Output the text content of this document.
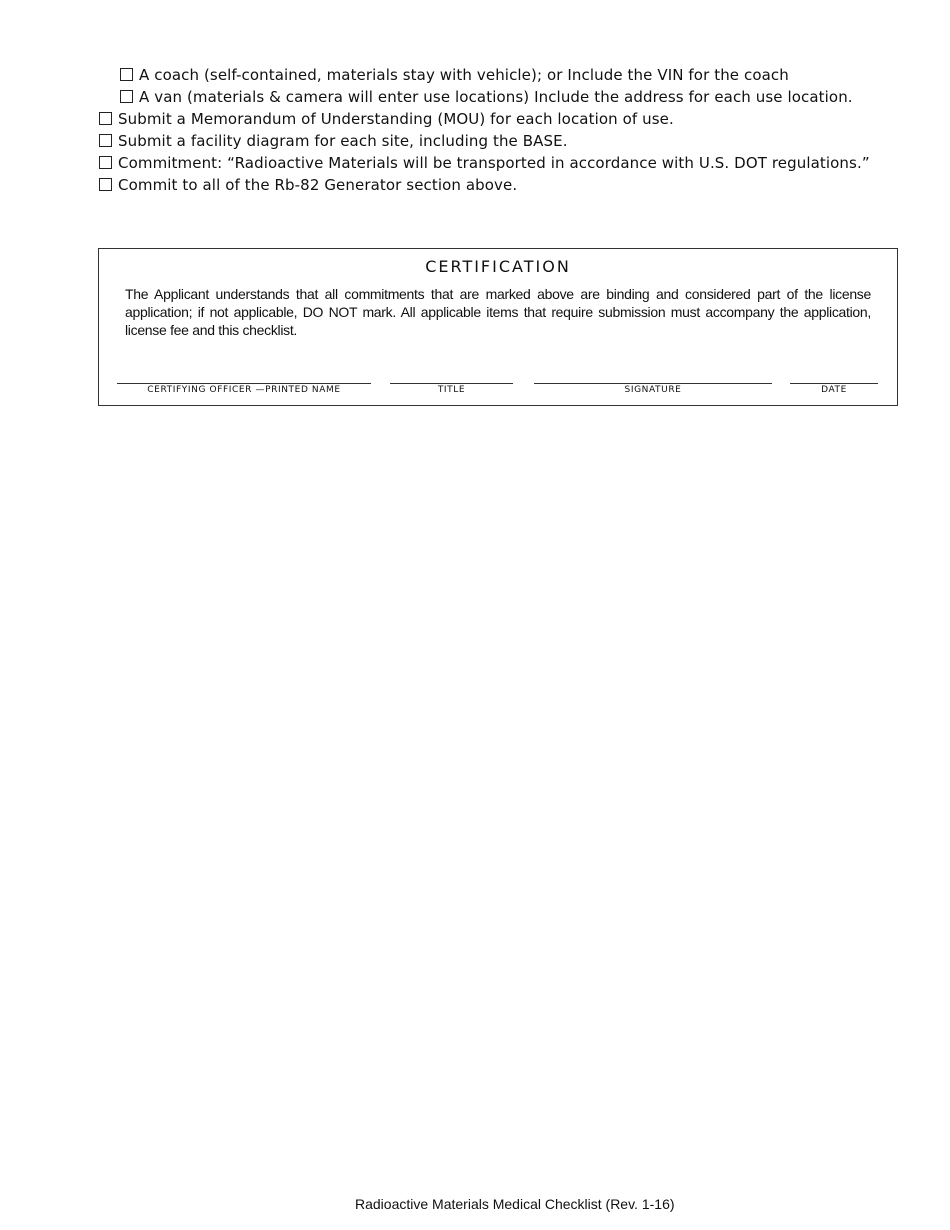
A coach (self-contained, materials stay with vehicle); or Include the VIN for the coach
A van (materials & camera will enter use locations) Include the address for each use location.
Submit a Memorandum of Understanding (MOU) for each location of use.
Submit a facility diagram for each site, including the BASE.
Commitment: “Radioactive Materials will be transported in accordance with U.S. DOT regulations.”
Commit to all of the Rb-82 Generator section above.
CERTIFICATION
The Applicant understands that all commitments that are marked above are binding and considered part of the license application; if not applicable, DO NOT mark. All applicable items that require submission must accompany the application, license fee and this checklist.
CERTIFYING OFFICER —PRINTED NAME	TITLE	SIGNATURE	DATE
Radioactive Materials Medical Checklist (Rev. 1-16)
